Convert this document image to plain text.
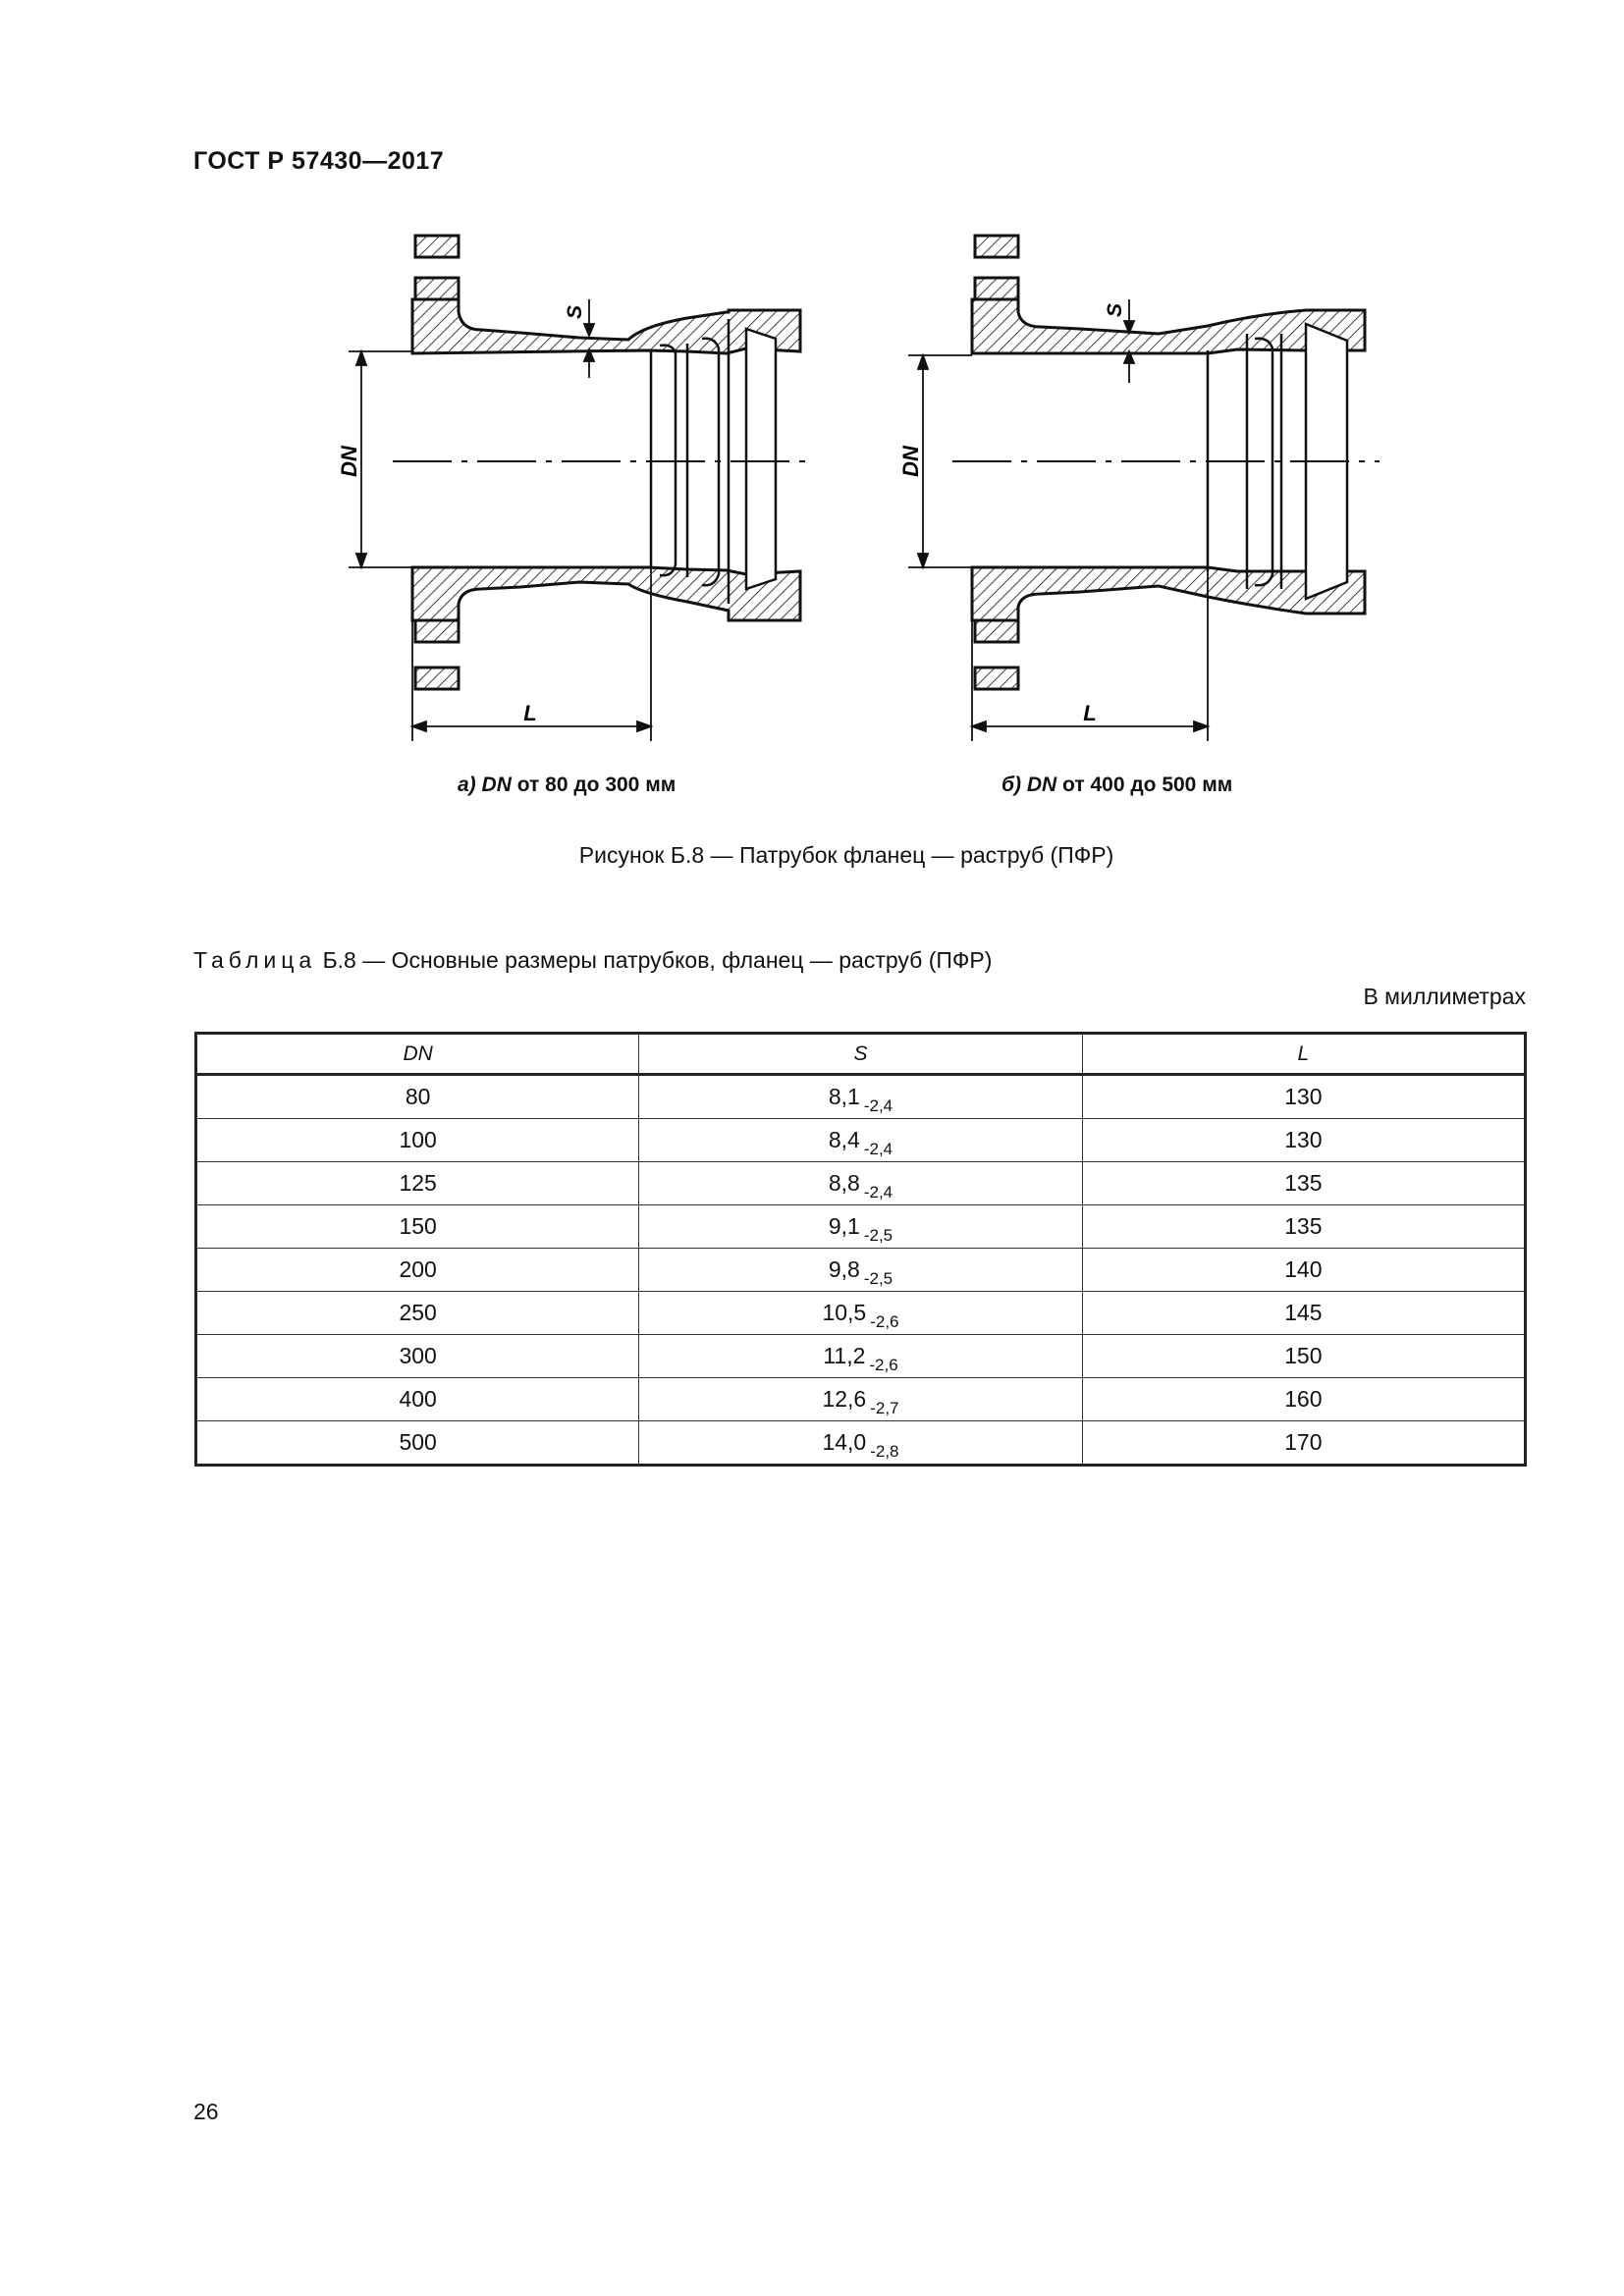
ГОСТ Р 57430—2017
DN
S
L
DN
S
L
а) DN от 80 до 300 мм	б) DN от 400 до 500 мм
Рисунок Б.8 — Патрубок фланец — раструб (ПФР)
Таблица Б.8 — Основные размеры патрубков, фланец — раструб (ПФР)
В миллиметрах
DN	S	L
80	8,1 $_{-2,4}$	130
100	8,4 $_{-2,4}$	130
125	8,8 $_{-2,4}$	135
150	9,1 $_{-2,5}$	135
200	9,8 $_{-2,5}$	140
250	10,5 $_{-2,6}$	145
300	11,2 $_{-2,6}$	150
400	12,6 $_{-2,7}$	160
500	14,0 $_{-2,8}$	170
26
